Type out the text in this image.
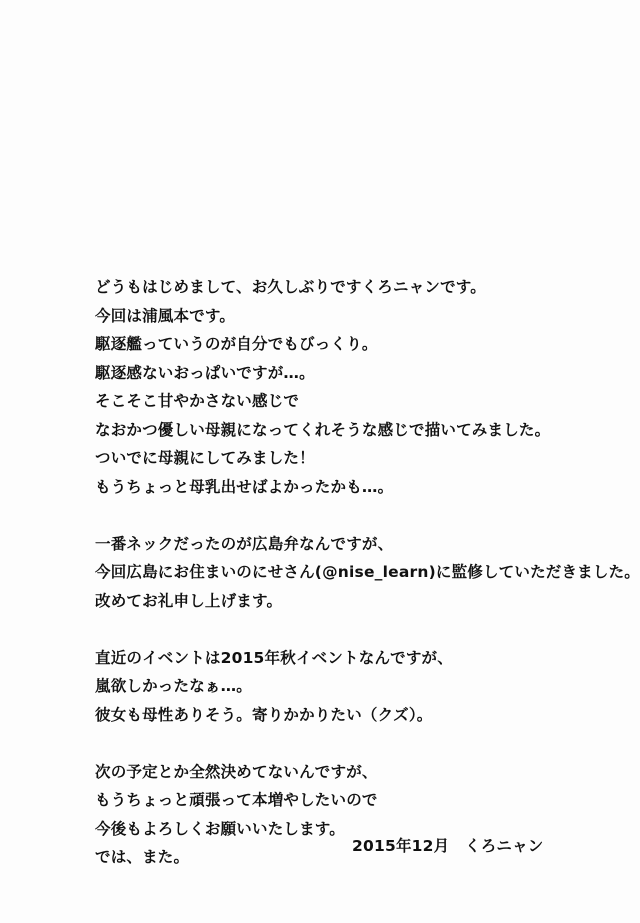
どうもはじめまして、お久しぶりですくろニャンです。
今回は浦風本です。
駆逐艦っていうのが自分でもびっくり。
駆逐感ないおっぱいですが…。
そこそこ甘やかさない感じで
なおかつ優しい母親になってくれそうな感じで描いてみました。
ついでに母親にしてみました！
もうちょっと母乳出せばよかったかも…。

一番ネックだったのが広島弁なんですが、
今回広島にお住まいのにせさん(@nise_learn)に監修していただきました。
改めてお礼申し上げます。

直近のイベントは2015年秋イベントなんですが、
嵐欲しかったなぁ…。
彼女も母性ありそう。寄りかかりたい（クズ）。

次の予定とか全然決めてないんですが、
もうちょっと頑張って本増やしたいので
今後もよろしくお願いいたします。
では、また。

2015年12月　くろニャン
